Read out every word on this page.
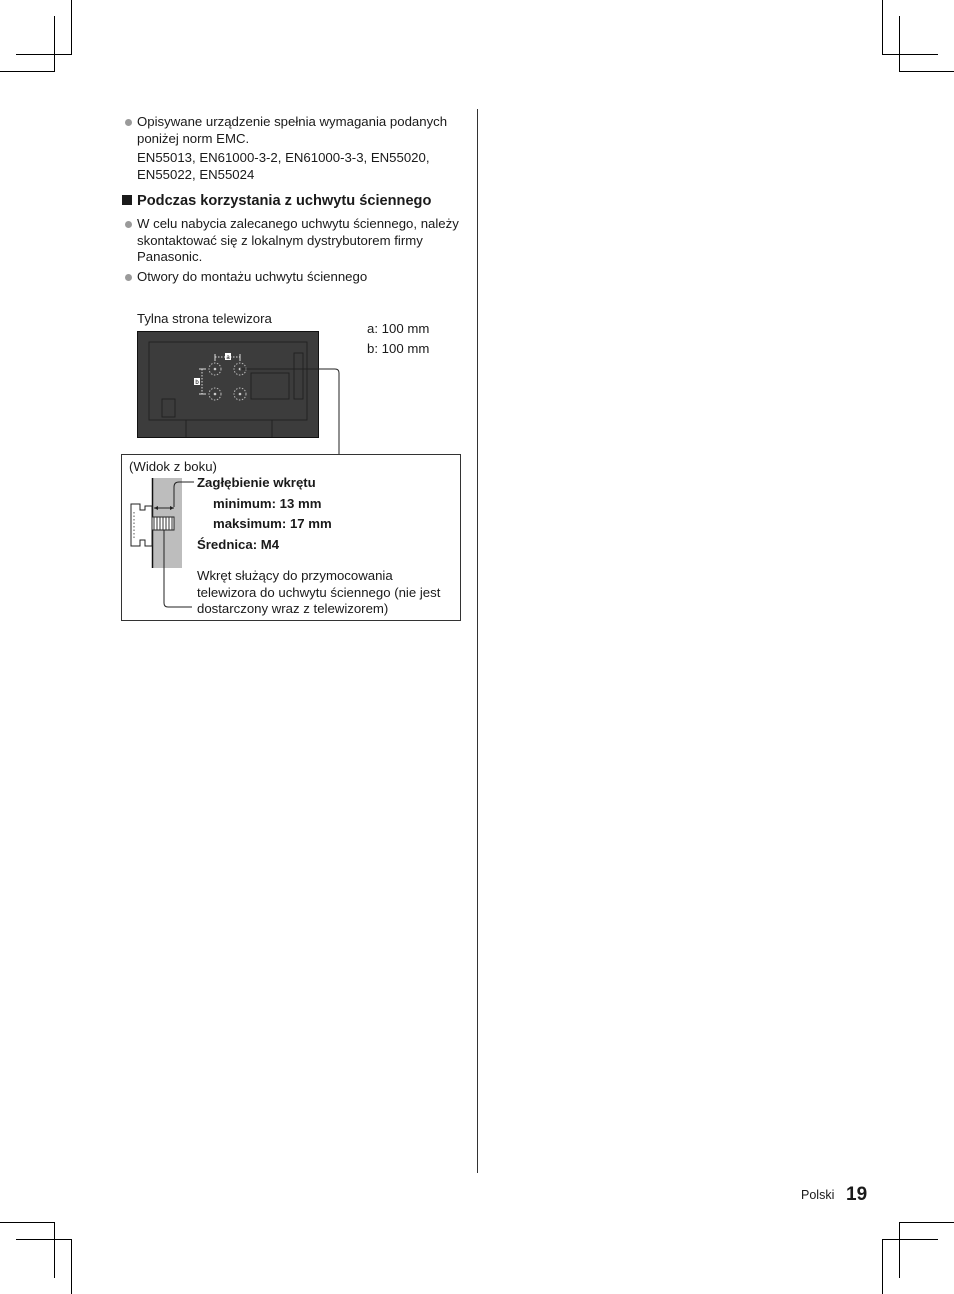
Opisywane urządzenie spełnia wymagania podanych poniżej norm EMC.
EN55013, EN61000-3-2, EN61000-3-3, EN55020, EN55022, EN55024
Podczas korzystania z uchwytu ściennego
W celu nabycia zalecanego uchwytu ściennego, należy skontaktować się z lokalnym dystrybutorem firmy Panasonic.
Otwory do montażu uchwytu ściennego
Tylna strona telewizora
a: 100 mm
b: 100 mm
a
b
(Widok z boku)
Zagłębienie wkrętu
minimum: 13 mm
maksimum: 17 mm
Średnica: M4
Wkręt służący do przymocowania telewizora do uchwytu ściennego (nie jest dostarczony wraz z telewizorem)
Polski 19
